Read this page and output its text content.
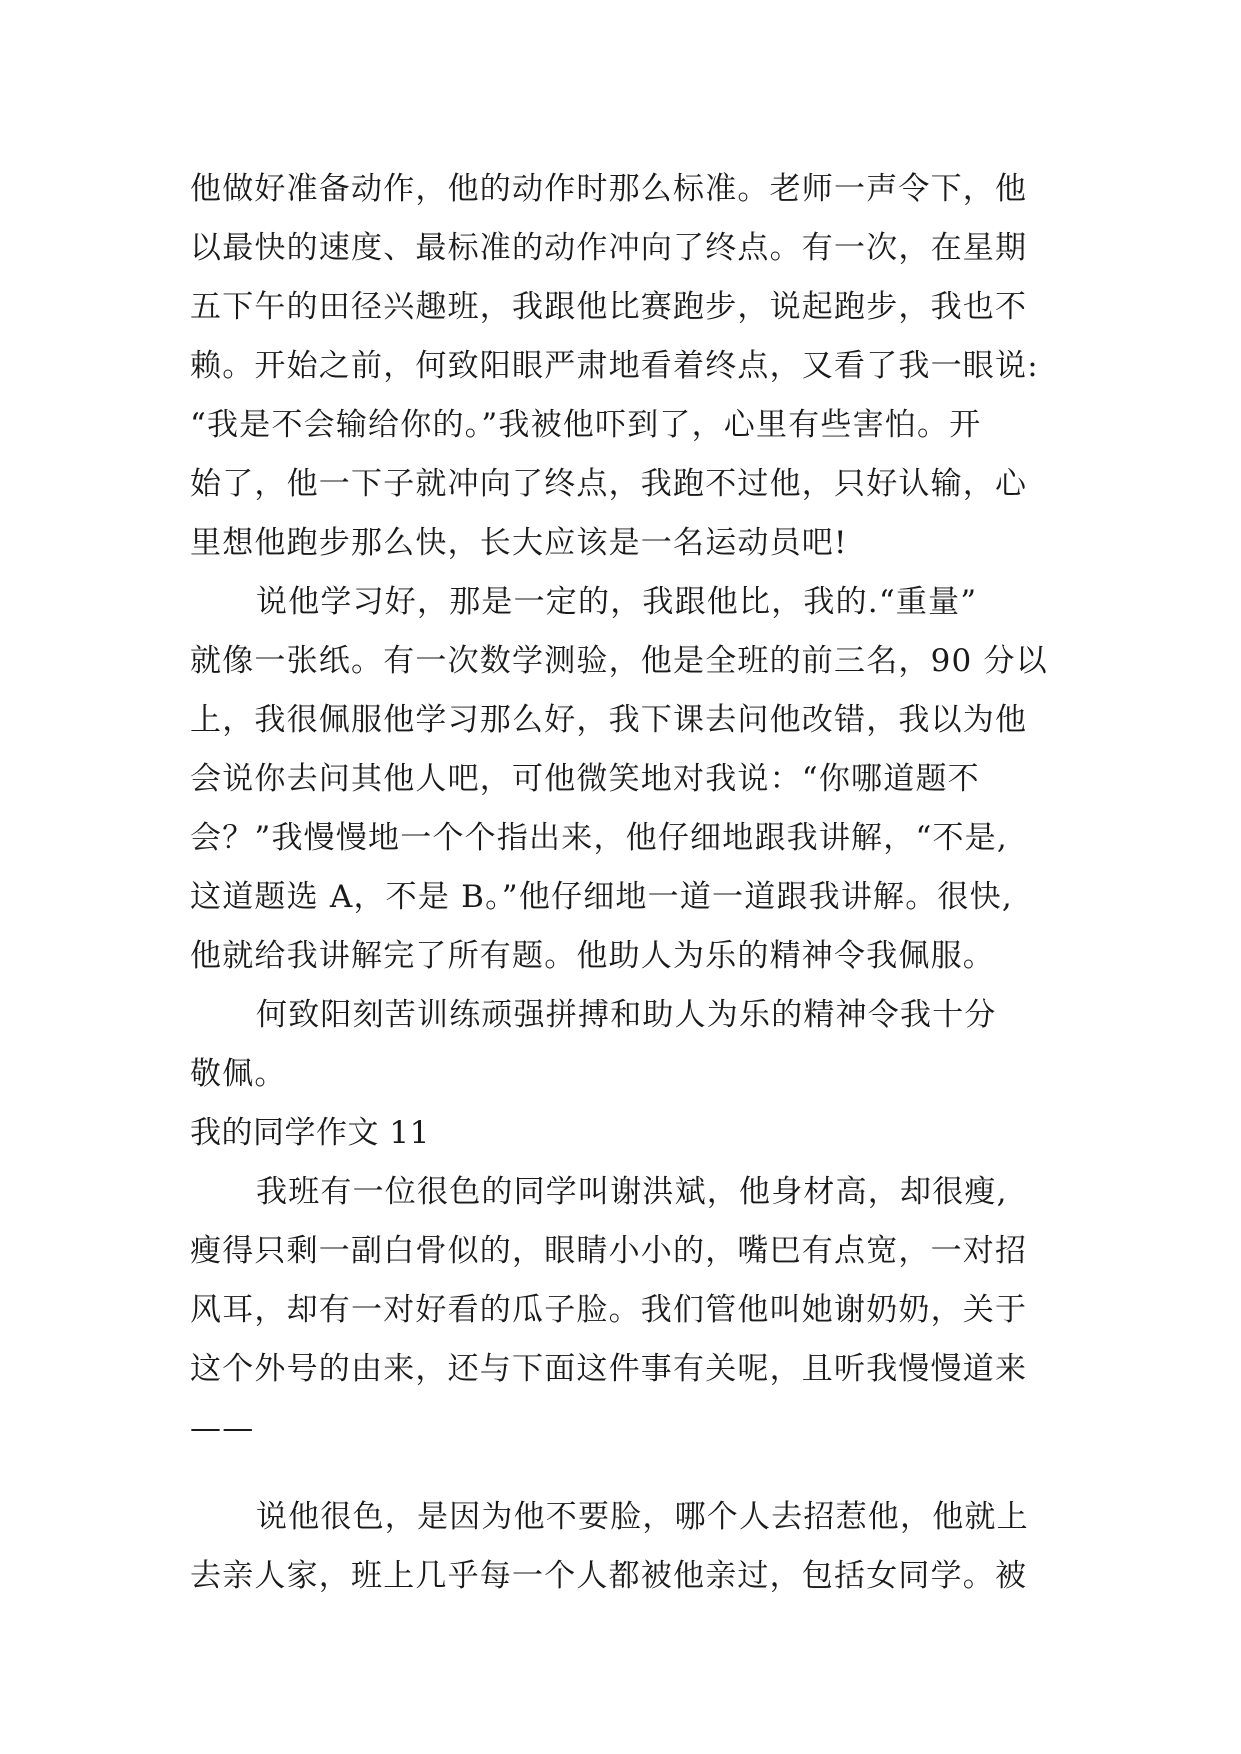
他做好准备动作，他的动作时那么标准。老师一声令下，他
以最快的速度、最标准的动作冲向了终点。有一次，在星期
五下午的田径兴趣班，我跟他比赛跑步，说起跑步，我也不
赖。开始之前，何致阳眼严肃地看着终点，又看了我一眼说:
“我是不会输给你的。”我被他吓到了，心里有些害怕。开
始了，他一下子就冲向了终点，我跑不过他，只好认输，心
里想他跑步那么快，长大应该是一名运动员吧!
说他学习好，那是一定的，我跟他比，我的.“重量”
就像一张纸。有一次数学测验，他是全班的前三名，90 分以
上，我很佩服他学习那么好，我下课去问他改错，我以为他
会说你去问其他人吧，可他微笑地对我说：“你哪道题不
会？”我慢慢地一个个指出来，他仔细地跟我讲解，“不是,
这道题选 A，不是 B。”他仔细地一道一道跟我讲解。很快,
他就给我讲解完了所有题。他助人为乐的精神令我佩服。
何致阳刻苦训练顽强拼搏和助人为乐的精神令我十分
敬佩。
我的同学作文 11
我班有一位很色的同学叫谢洪斌，他身材高，却很瘦,
瘦得只剩一副白骨似的，眼睛小小的，嘴巴有点宽，一对招
风耳，却有一对好看的瓜子脸。我们管他叫她谢奶奶，关于
这个外号的由来，还与下面这件事有关呢，且听我慢慢道来
——
说他很色，是因为他不要脸，哪个人去招惹他，他就上
去亲人家，班上几乎每一个人都被他亲过，包括女同学。被
